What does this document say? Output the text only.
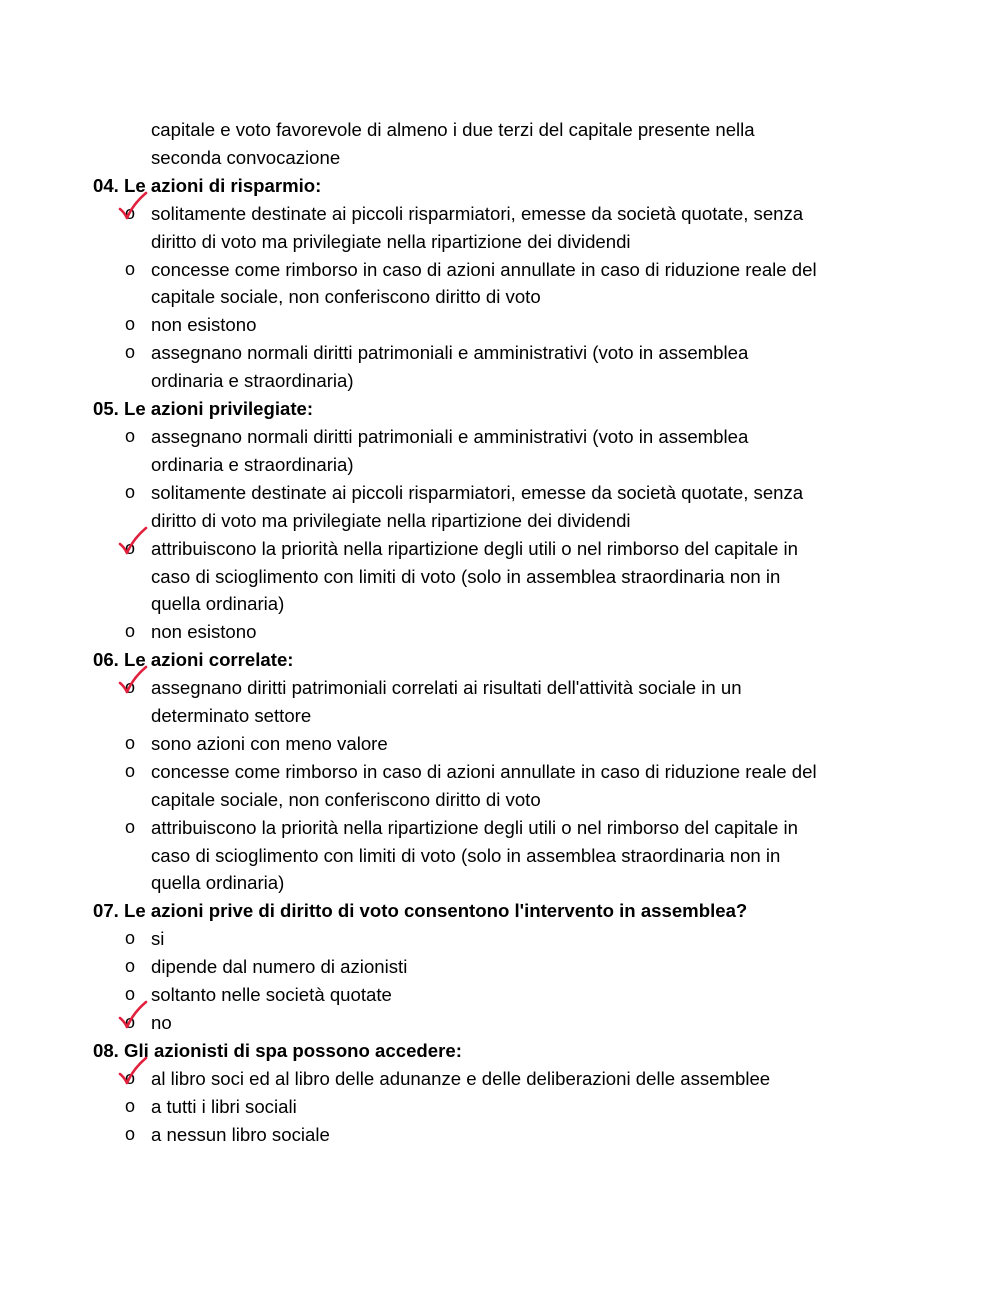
capitale e voto favorevole di almeno i due terzi del capitale presente nella
seconda convocazione
04. Le azioni di risparmio:
o solitamente destinate ai piccoli risparmiatori, emesse da società quotate, senza
diritto di voto ma privilegiate nella ripartizione dei dividendi
o concesse come rimborso in caso di azioni annullate in caso di riduzione reale del
capitale sociale, non conferiscono diritto di voto
o non esistono
o assegnano normali diritti patrimoniali e amministrativi (voto in assemblea
ordinaria e straordinaria)
05. Le azioni privilegiate:
o assegnano normali diritti patrimoniali e amministrativi (voto in assemblea
ordinaria e straordinaria)
o solitamente destinate ai piccoli risparmiatori, emesse da società quotate, senza
diritto di voto ma privilegiate nella ripartizione dei dividendi
o attribuiscono la priorità nella ripartizione degli utili o nel rimborso del capitale in
caso di scioglimento con limiti di voto (solo in assemblea straordinaria non in
quella ordinaria)
o non esistono
06. Le azioni correlate:
o assegnano diritti patrimoniali correlati ai risultati dell'attività sociale in un
determinato settore
o sono azioni con meno valore
o concesse come rimborso in caso di azioni annullate in caso di riduzione reale del
capitale sociale, non conferiscono diritto di voto
o attribuiscono la priorità nella ripartizione degli utili o nel rimborso del capitale in
caso di scioglimento con limiti di voto (solo in assemblea straordinaria non in
quella ordinaria)
07. Le azioni prive di diritto di voto consentono l'intervento in assemblea?
o si
o dipende dal numero di azionisti
o soltanto nelle società quotate
o no
08. Gli azionisti di spa possono accedere:
o al libro soci ed al libro delle adunanze e delle deliberazioni delle assemblee
o a tutti i libri sociali
o a nessun libro sociale
